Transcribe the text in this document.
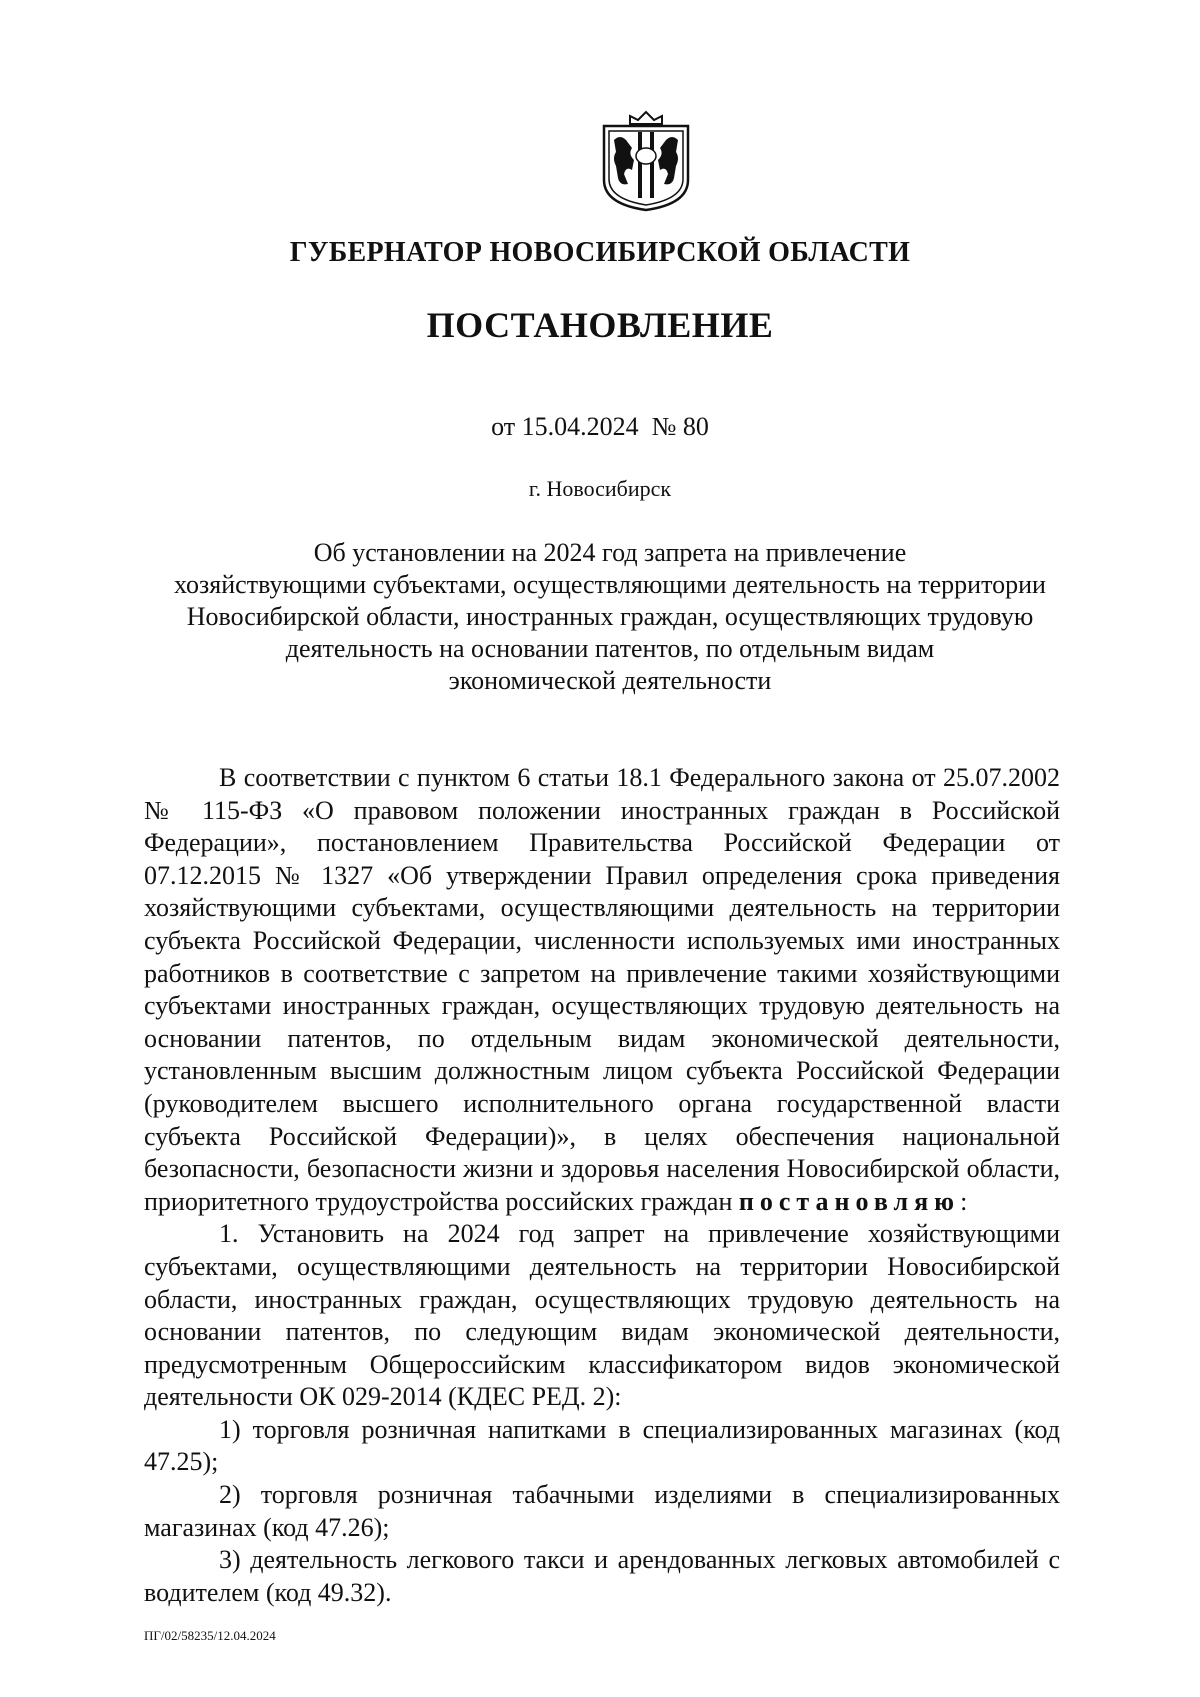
ГУБЕРНАТОР НОВОСИБИРСКОЙ ОБЛАСТИ
ПОСТАНОВЛЕНИЕ
от 15.04.2024 № 80
г. Новосибирск
Об установлении на 2024 год запрета на привлечение
хозяйствующими субъектами, осуществляющими деятельность на территории
Новосибирской области, иностранных граждан, осуществляющих трудовую
деятельность на основании патентов, по отдельным видам
экономической деятельности

В соответствии с пунктом 6 статьи 18.1 Федерального закона от 25.07.2002 № 115-ФЗ «О правовом положении иностранных граждан в Российской Федерации», постановлением Правительства Российской Федерации от 07.12.2015 № 1327 «Об утверждении Правил определения срока приведения хозяйствующими субъектами, осуществляющими деятельность на территории субъекта Российской Федерации, численности используемых ими иностранных работников в соответствие с запретом на привлечение такими хозяйствующими субъектами иностранных граждан, осуществляющих трудовую деятельность на основании патентов, по отдельным видам экономической деятельности, установленным высшим должностным лицом субъекта Российской Федерации (руководителем высшего исполнительного органа государственной власти субъекта Российской Федерации)», в целях обеспечения национальной безопасности, безопасности жизни и здоровья населения Новосибирской области, приоритетного трудоустройства российских граждан постановляю:

1. Установить на 2024 год запрет на привлечение хозяйствующими субъектами, осуществляющими деятельность на территории Новосибирской области, иностранных граждан, осуществляющих трудовую деятельность на основании патентов, по следующим видам экономической деятельности, предусмотренным Общероссийским классификатором видов экономической деятельности ОК 029-2014 (КДЕС РЕД. 2):

1) торговля розничная напитками в специализированных магазинах (код 47.25);

2) торговля розничная табачными изделиями в специализированных магазинах (код 47.26);

3) деятельность легкового такси и арендованных легковых автомобилей с водителем (код 49.32).

ПГ/02/58235/12.04.2024
